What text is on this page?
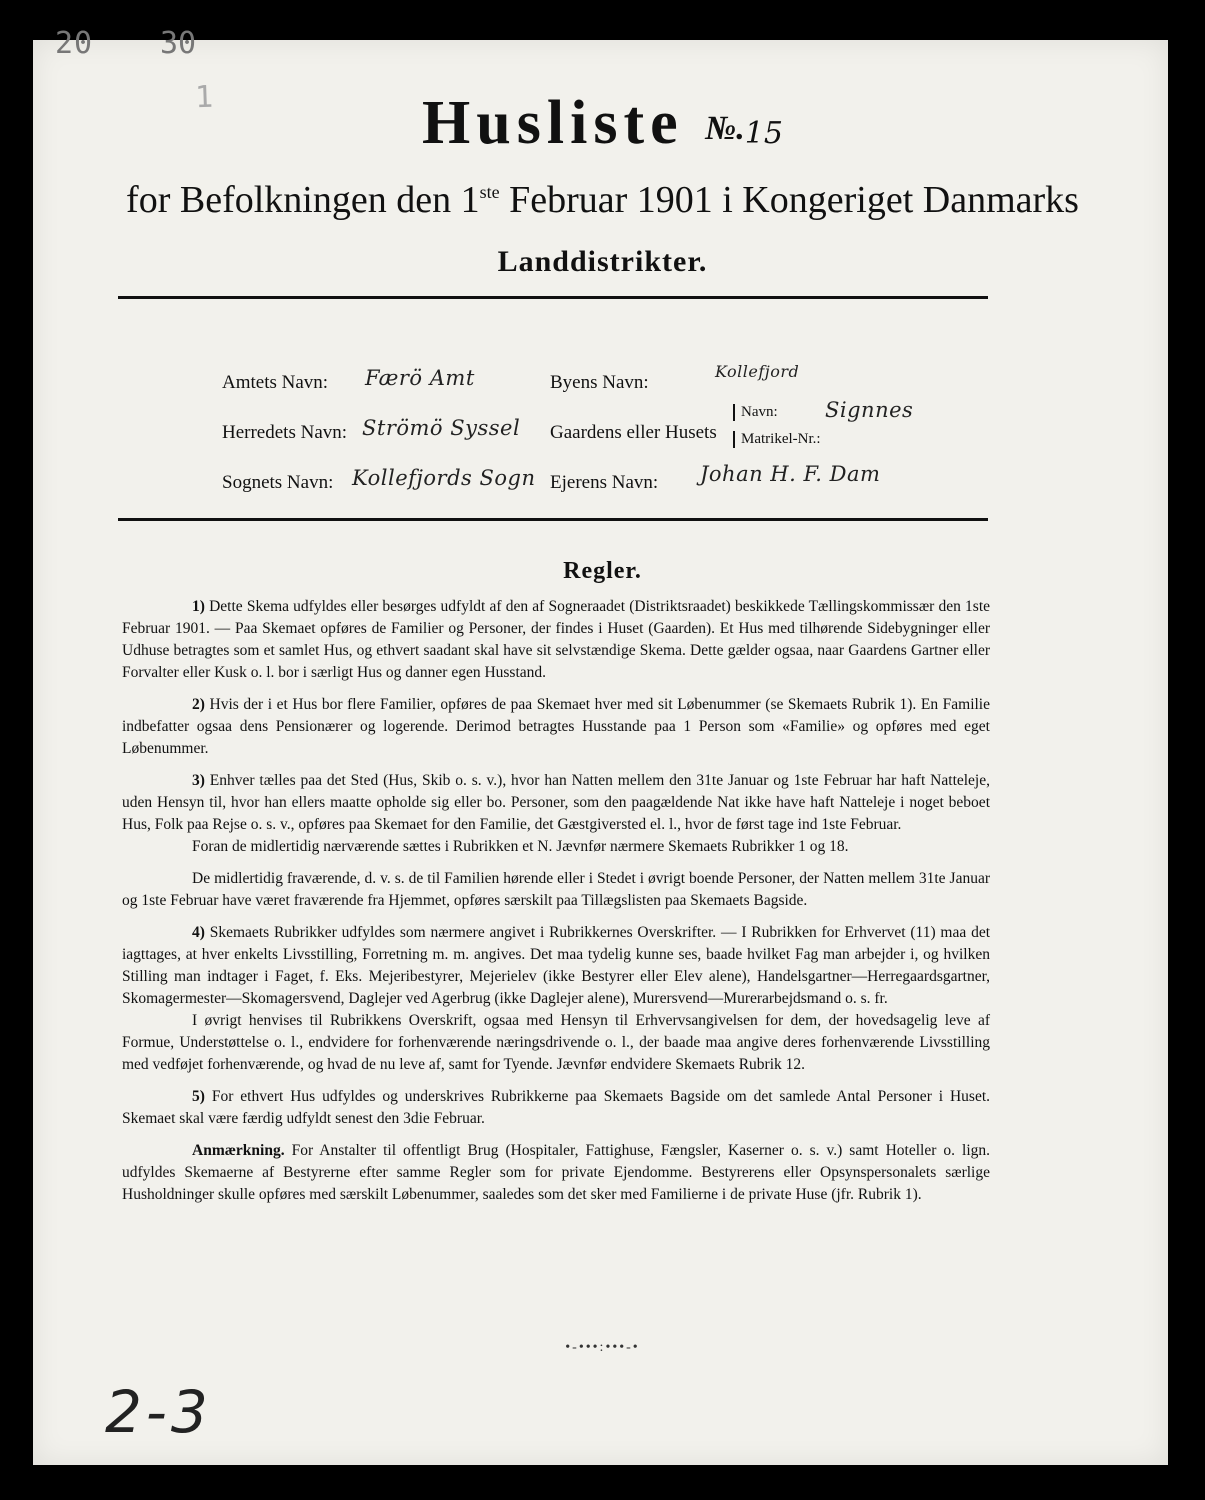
20 30
1	Husliste №.15
for Befolkningen den 1ste Februar 1901 i Kongeriget Danmarks
Landdistrikter.
Amtets Navn: Færö Amt	Byens Navn:
Kollefjord
Herredets Navn: Strömö Syssel Gaardens eller Husets
Navn: Signnes
Matrikel-Nr.:
Sognets Navn: Kollefjords Sogn Ejerens Navn: Johan H. F. Dam
Regler.

1) Dette Skema udfyldes eller besørges udfyldt af den af Sogneraadet (Distriktsraadet) beskikkede Tællingskommissær den 1ste Februar 1901. — Paa Skemaet opføres de Familier og Personer, der findes i Huset (Gaarden). Et Hus med tilhørende Sidebygninger eller Udhuse betragtes som et samlet Hus, og ethvert saadant skal have sit selvstændige Skema. Dette gælder ogsaa, naar Gaardens Gartner eller Forvalter eller Kusk o. l. bor i særligt Hus og danner egen Husstand.

2) Hvis der i et Hus bor flere Familier, opføres de paa Skemaet hver med sit Løbenummer (se Skemaets Rubrik 1). En Familie indbefatter ogsaa dens Pensionærer og logerende. Derimod betragtes Husstande paa 1 Person som «Familie» og opføres med eget Løbenummer.

3) Enhver tælles paa det Sted (Hus, Skib o. s. v.), hvor han Natten mellem den 31te Januar og 1ste Februar har haft Natteleje, uden Hensyn til, hvor han ellers maatte opholde sig eller bo. Personer, som den paagældende Nat ikke have haft Natteleje i noget beboet Hus, Folk paa Rejse o. s. v., opføres paa Skemaet for den Familie, det Gæstgiversted el. l., hvor de først tage ind 1ste Februar.

Foran de midlertidig nærværende sættes i Rubrikken et N. Jævnfør nærmere Skemaets Rubrikker 1 og 18.

De midlertidig fraværende, d. v. s. de til Familien hørende eller i Stedet i øvrigt boende Personer, der Natten mellem 31te Januar og 1ste Februar have været fraværende fra Hjemmet, opføres særskilt paa Tillægslisten paa Skemaets Bagside.

4) Skemaets Rubrikker udfyldes som nærmere angivet i Rubrikkernes Overskrifter. — I Rubrikken for Erhvervet (11) maa det iagttages, at hver enkelts Livsstilling, Forretning m. m. angives. Det maa tydelig kunne ses, baade hvilket Fag man arbejder i, og hvilken Stilling man indtager i Faget, f. Eks. Mejeribestyrer, Mejerielev (ikke Bestyrer eller Elev alene), Handelsgartner—Herregaardsgartner, Skomagermester—Skomagersvend, Daglejer ved Agerbrug (ikke Daglejer alene), Murersvend—Murerarbejdsmand o. s. fr.

I øvrigt henvises til Rubrikkens Overskrift, ogsaa med Hensyn til Erhvervsangivelsen for dem, der hovedsagelig leve af Formue, Understøttelse o. l., endvidere for forhenværende næringsdrivende o. l., der baade maa angive deres forhenværende Livsstilling med vedføjet forhenværende, og hvad de nu leve af, samt for Tyende. Jævnfør endvidere Skemaets Rubrik 12.

5) For ethvert Hus udfyldes og underskrives Rubrikkerne paa Skemaets Bagside om det samlede Antal Personer i Huset. Skemaet skal være færdig udfyldt senest den 3die Februar.

Anmærkning. For Anstalter til offentligt Brug (Hospitaler, Fattighuse, Fængsler, Kaserner o. s. v.) samt Hoteller o. lign. udfyldes Skemaerne af Bestyrerne efter samme Regler som for private Ejendomme. Bestyrerens eller Opsynspersonalets særlige Husholdninger skulle opføres med særskilt Løbenummer, saaledes som det sker med Familierne i de private Huse (jfr. Rubrik 1).

•-•••:•••-•
2-3
